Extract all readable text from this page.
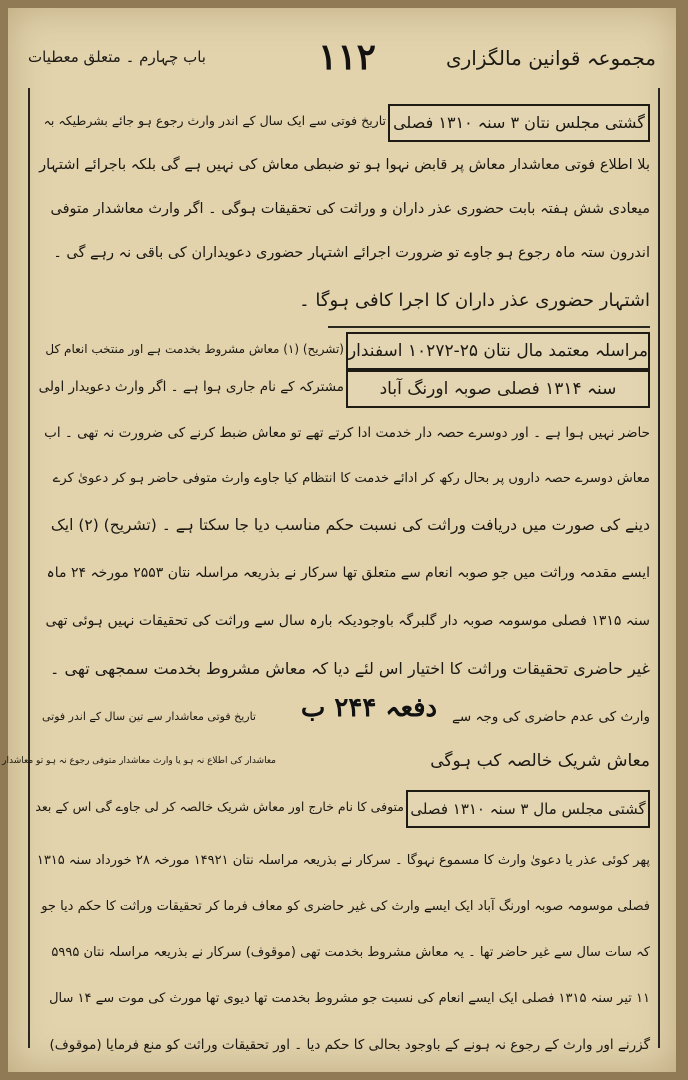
مجموعہ قوانین مالگزاری
۱۱۲
باب چہارم ۔ متعلق معطیات
گشتی مجلس نتان ۳ سنہ ۱۳۱۰ فصلی
تاریخ فوتی سے ایک سال کے اندر وارث رجوع ہو جائے بشرطیکہ بہ
بلا اطلاع فوتی معاشدار معاش پر قابض نہوا ہو تو ضبطی معاش کی نہیں ہے گی بلکہ باجرائے اشتہار
میعادی شش ہفتہ بابت حضوری عذر داران و وراثت کی تحقیقات ہوگی ۔ اگر وارث معاشدار متوفی
اندرون ستہ ماہ رجوع ہو جاوے تو ضرورت اجرائے اشتہار حضوری دعویداران کی باقی نہ رہے گی ۔
اشتہار حضوری عذر داران کا اجرا کافی ہوگا ۔
مراسلہ معتمد مال نتان ۲۵-۱۰۲۷۲ اسفندار
سنہ ۱۳۱۴ فصلی صوبہ اورنگ آباد
(تشریح) (۱) معاش مشروط بخدمت ہے اور منتخب انعام کل
مشترکہ کے نام جاری ہوا ہے ۔ اگر وارث دعویدار اولی
حاضر نہیں ہوا ہے ۔ اور دوسرے حصہ دار خدمت ادا کرتے تھے تو معاش ضبط کرنے کی ضرورت نہ تھی ۔ اب
معاش دوسرے حصہ داروں پر بحال رکھ کر ادائے خدمت کا انتظام کیا جاوے وارث متوفی حاضر ہو کر دعویٰ کرے
دینے کی صورت میں دریافت وراثت کی نسبت حکم مناسب دیا جا سکتا ہے ۔ (تشریح) (۲) ایک
ایسے مقدمہ وراثت میں جو صوبہ انعام سے متعلق تھا سرکار نے بذریعہ مراسلہ نتان ۲۵۵۳ مورخہ ۲۴ ماہ
سنہ ۱۳۱۵ فصلی موسومہ صوبہ دار گلبرگہ باوجودیکہ بارہ سال سے وراثت کی تحقیقات نہیں ہوئی تھی
غیر حاضری تحقیقات وراثت کا اختیار اس لئے دیا کہ معاش مشروط بخدمت سمجھی تھی ۔
دفعہ ۲۴۴ ب	وارث کی عدم حاضری کی وجہ سے
معاش شریک خالصہ کب ہوگی
تاریخ فوتی معاشدار سے تین سال کے اندر فوتی
معاشدار کی اطلاع نہ ہو یا وارث معاشدار متوفی رجوع نہ ہو تو معاشدار
گشتی مجلس مال ۳ سنہ ۱۳۱۰ فصلی
متوفی کا نام خارج اور معاش شریک خالصہ کر لی جاوے گی اس کے بعد
پھر کوئی عذر یا دعویٰ وارث کا مسموع نہوگا ۔ سرکار نے بذریعہ مراسلہ نتان ۱۴۹۲۱ مورخہ ۲۸ خورداد سنہ ۱۳۱۵
فصلی موسومہ صوبہ اورنگ آباد ایک ایسے وارث کی غیر حاضری کو معاف فرما کر تحقیقات وراثت کا حکم دیا جو
کہ سات سال سے غیر حاضر تھا ۔ یہ معاش مشروط بخدمت تھی (موقوف) سرکار نے بذریعہ مراسلہ نتان ۵۹۹۵
۱۱ تیر سنہ ۱۳۱۵ فصلی ایک ایسے انعام کی نسبت جو مشروط بخدمت تھا دیوی تھا مورث کی موت سے ۱۴ سال
گزرنے اور وارث کے رجوع نہ ہونے کے باوجود بحالی کا حکم دیا ۔ اور تحقیقات وراثت کو منع فرمایا (موقوف)
